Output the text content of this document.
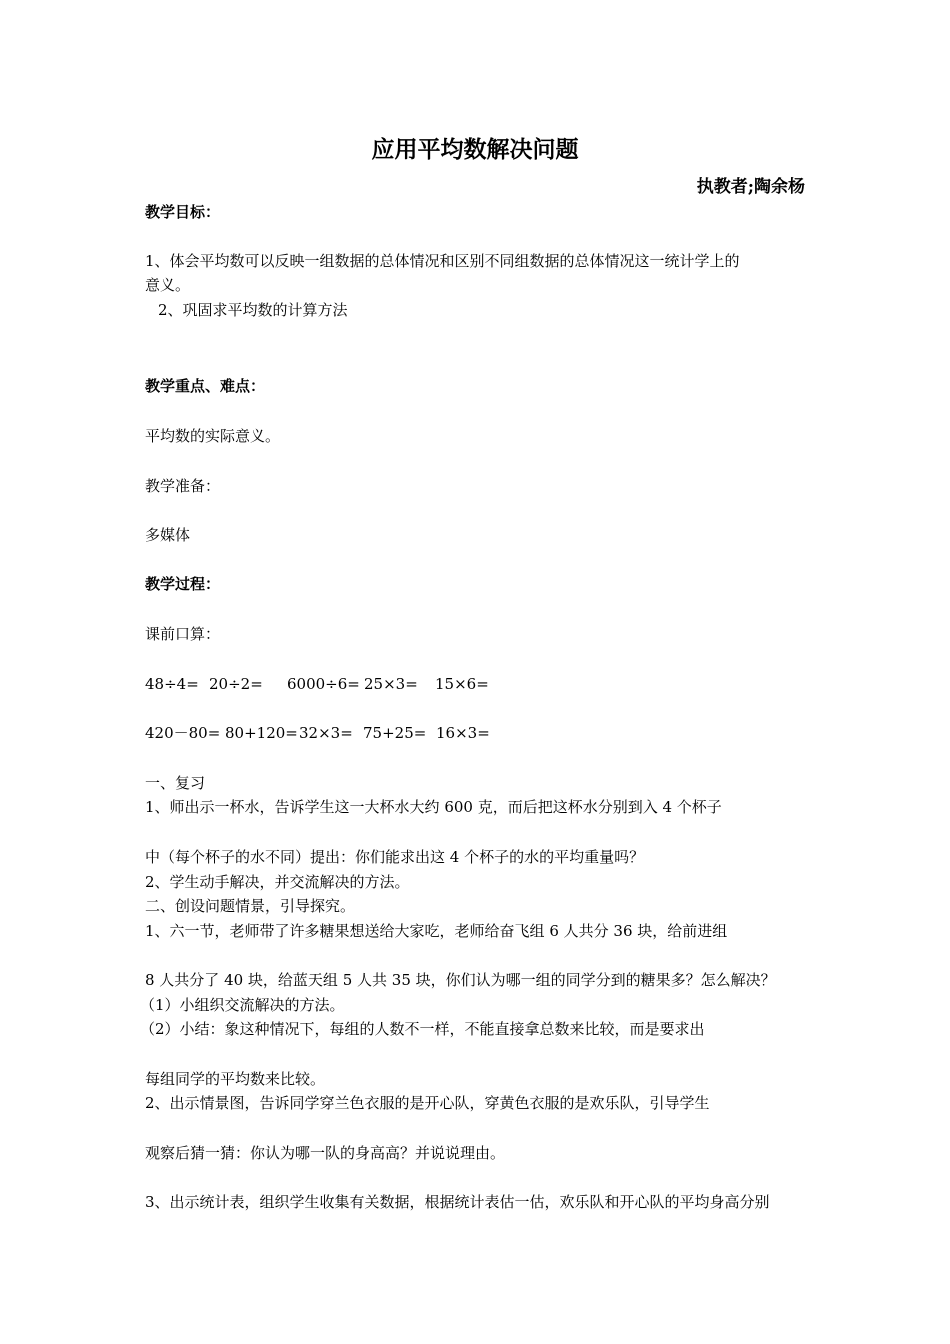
应用平均数解决问题
执教者;陶余杨
教学目标：
1、体会平均数可以反映一组数据的总体情况和区别不同组数据的总体情况这一统计学上的
意义。
2、巩固求平均数的计算方法
教学重点、难点：
平均数的实际意义。
教学准备：
多媒体
教学过程：
课前口算：
48÷4= 20÷2= 6000÷6= 25×3= 15×6=
420－80= 80+120=32×3= 75+25= 16×3=
一、复习
1、师出示一杯水，告诉学生这一大杯水大约 600 克，而后把这杯水分别到入 4 个杯子
中（每个杯子的水不同）提出：你们能求出这 4 个杯子的水的平均重量吗？
2、学生动手解决，并交流解决的方法。
二、创设问题情景，引导探究。
1、六一节，老师带了许多糖果想送给大家吃，老师给奋飞组 6 人共分 36 块，给前进组
8 人共分了 40 块，给蓝天组 5 人共 35 块，你们认为哪一组的同学分到的糖果多？怎么解决？
（1）小组织交流解决的方法。
（2）小结：象这种情况下，每组的人数不一样，不能直接拿总数来比较，而是要求出
每组同学的平均数来比较。
2、出示情景图，告诉同学穿兰色衣服的是开心队，穿黄色衣服的是欢乐队，引导学生
观察后猜一猜：你认为哪一队的身高高？并说说理由。
3、出示统计表，组织学生收集有关数据，根据统计表估一估，欢乐队和开心队的平均身高分别
